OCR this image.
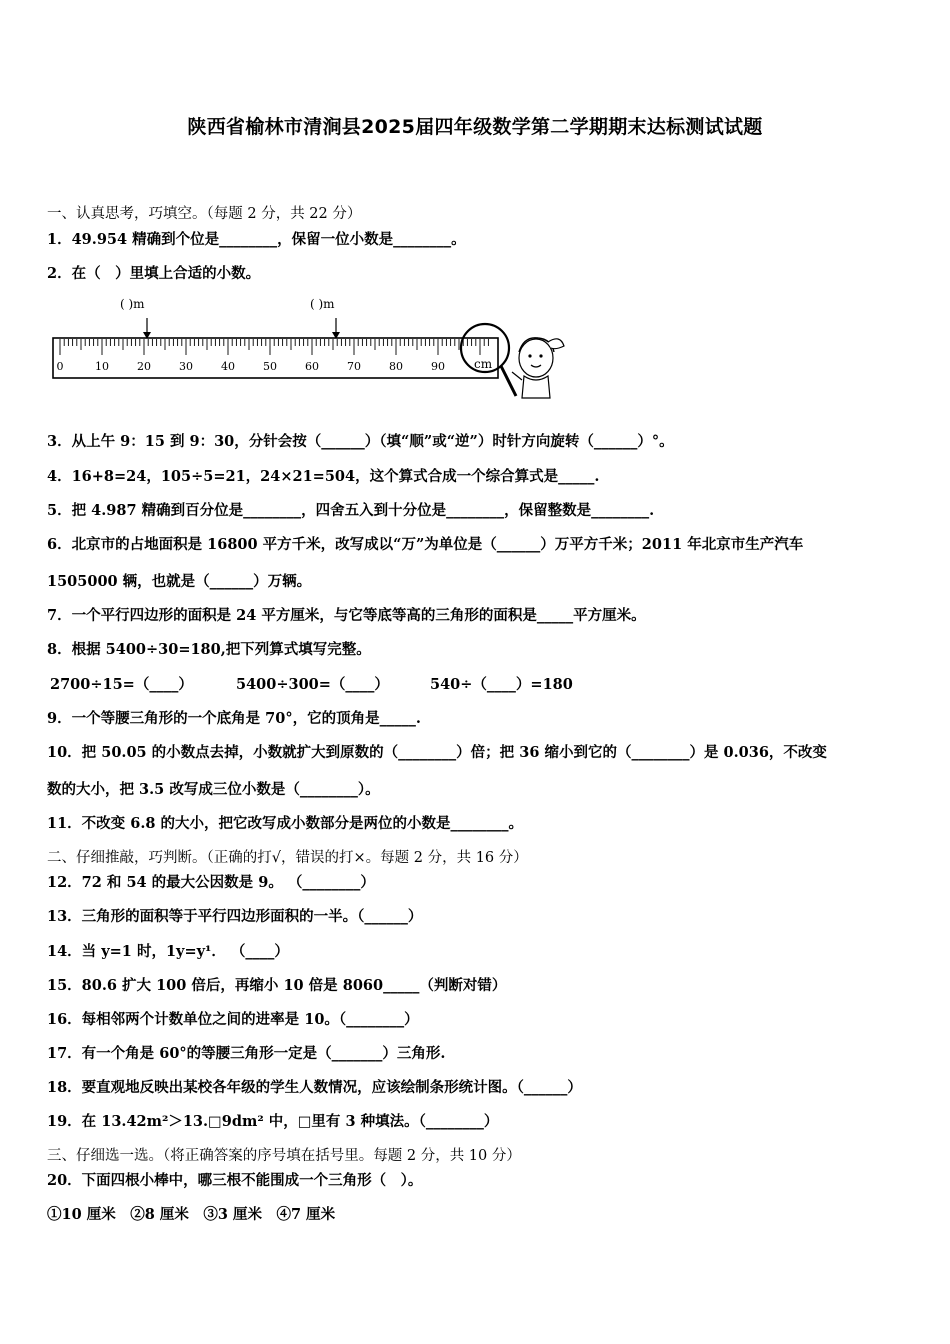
陕西省榆林市清涧县2025届四年级数学第二学期期末达标测试试题
一、认真思考，巧填空。（每题 2 分，共 22 分）
1．49.954 精确到个位是________，保留一位小数是________。
2．在（　）里填上合适的小数。
( )m	( )m
0	10	20	30	40	50	60	70	80	90 cm
3．从上午 9：15 到 9：30，分针会按（______）（填“顺”或“逆”）时针方向旋转（______）°。
4．16+8=24，105÷5=21，24×21=504，这个算式合成一个综合算式是_____.
5．把 4.987 精确到百分位是________，四舍五入到十分位是________，保留整数是________.
6．北京市的占地面积是 16800 平方千米，改写成以“万”为单位是（______）万平方千米；2011 年北京市生产汽车
1505000 辆，也就是（______）万辆。
7．一个平行四边形的面积是 24 平方厘米，与它等底等高的三角形的面积是_____平方厘米。
8．根据 5400÷30=180,把下列算式填写完整。
2700÷15=（____）	5400÷300=（____）	540÷（____）=180
9．一个等腰三角形的一个底角是 70°，它的顶角是_____.
10．把 50.05 的小数点去掉，小数就扩大到原数的（________）倍；把 36 缩小到它的（________）是 0.036，不改变
数的大小，把 3.5 改写成三位小数是（________）。
11．不改变 6.8 的大小，把它改写成小数部分是两位的小数是________。
二、仔细推敲，巧判断。（正确的打√，错误的打×。每题 2 分，共 16 分）
12．72 和 54 的最大公因数是 9。 （________）
13．三角形的面积等于平行四边形面积的一半。（______）
14．当 y=1 时，1y=y¹． （____）
15．80.6 扩大 100 倍后，再缩小 10 倍是 8060_____（判断对错）
16．每相邻两个计数单位之间的进率是 10。（________）
17．有一个角是 60°的等腰三角形一定是（_______）三角形.
18．要直观地反映出某校各年级的学生人数情况，应该绘制条形统计图。（______）
19．在 13.42m²＞13.□9dm² 中，□里有 3 种填法。（________）
三、仔细选一选。（将正确答案的序号填在括号里。每题 2 分，共 10 分）
20．下面四根小棒中，哪三根不能围成一个三角形（　）。
①10 厘米　②8 厘米　③3 厘米　④7 厘米
